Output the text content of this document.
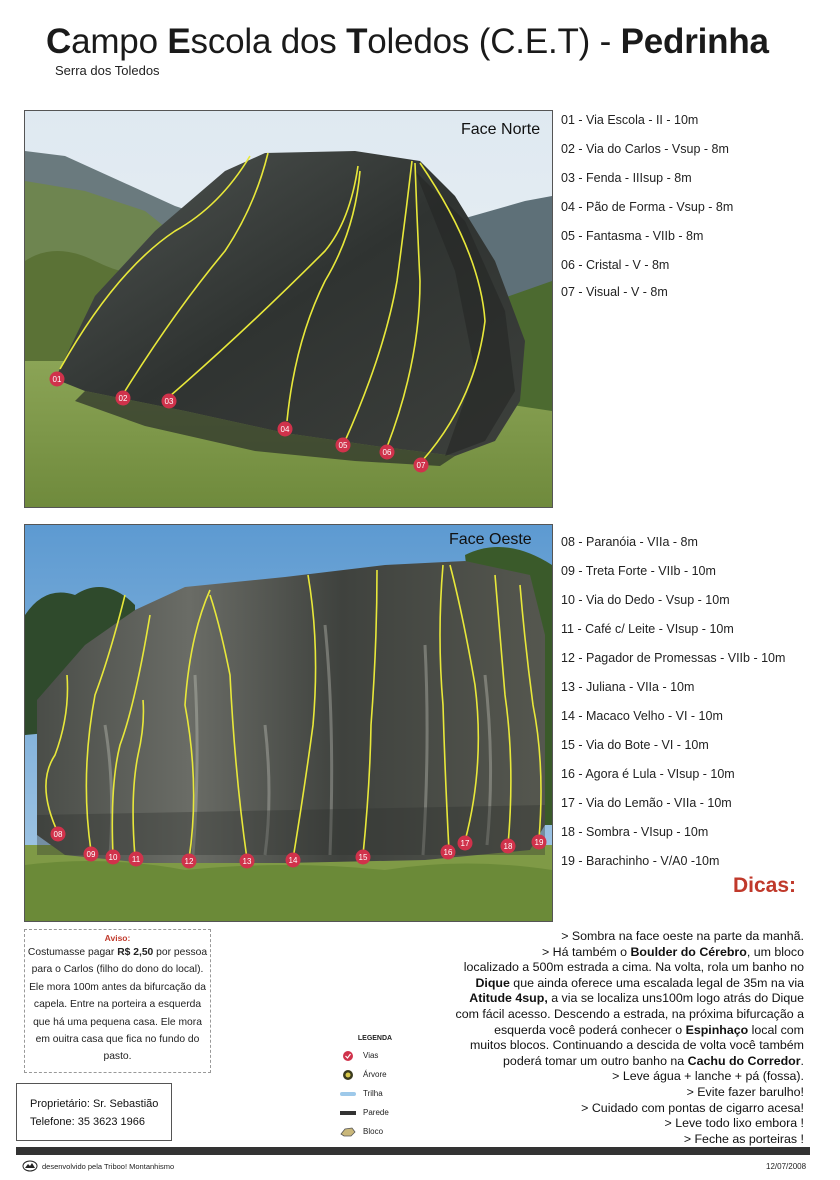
Campo Escola dos Toledos (C.E.T) - Pedrinha
Serra dos Toledos
01
02	03
04
05
06
07
Face Norte
01 - Via Escola - II - 10m
02 - Via do Carlos - Vsup - 8m
03 - Fenda - IIIsup - 8m
04 - Pão de Forma - Vsup - 8m
05 - Fantasma - VIIb - 8m
06 - Cristal - V - 8m
07 - Visual - V - 8m
08
09 10 11	12	13	14	15
16
17	18	19
Face Oeste 08 - Paranóia - VIIa - 8m
09 - Treta Forte - VIIb - 10m
10 - Via do Dedo - Vsup - 10m
11 - Café c/ Leite - VIsup - 10m
12 - Pagador de Promessas - VIIb - 10m
13 - Juliana - VIIa - 10m
14 - Macaco Velho - VI - 10m
15 - Via do Bote - VI - 10m
16 - Agora é Lula - VIsup - 10m
17 - Via do Lemão - VIIa - 10m
18 - Sombra - VIsup - 10m
19 - Barachinho - V/A0 -10m
Dicas:
> Sombra na face oeste na parte da manhã.
> Há também o Boulder do Cérebro, um bloco
localizado a 500m estrada a cima. Na volta, rola um banho no
Dique que ainda oferece uma escalada legal de 35m na via
Atitude 4sup, a via se localiza uns100m logo atrás do Dique
com fácil acesso. Descendo a estrada, na próxima bifurcação a
esquerda você poderá conhecer o Espinhaço local com
muitos blocos. Continuando a descida de volta você também
poderá tomar um outro banho na Cachu do Corredor.
> Leve água + lanche + pá (fossa).
> Evite fazer barulho!
> Cuidado com pontas de cigarro acesa!
> Leve todo lixo embora !
> Feche as porteiras !
Aviso:

Costumasse pagar R$ 2,50 por pessoa para o Carlos (filho do dono do local). Ele mora 100m antes da bifurcação da capela. Entre na porteira a esquerda que há uma pequena casa. Ele mora em ouitra casa que fica no fundo do pasto.

LEGENDA
Vias
Árvore
Trilha
Parede
Bloco
Proprietário: Sr. Sebastião
Telefone: 35 3623 1966
desenvolvido pela Triboo! Montanhismo	12/07/2008
